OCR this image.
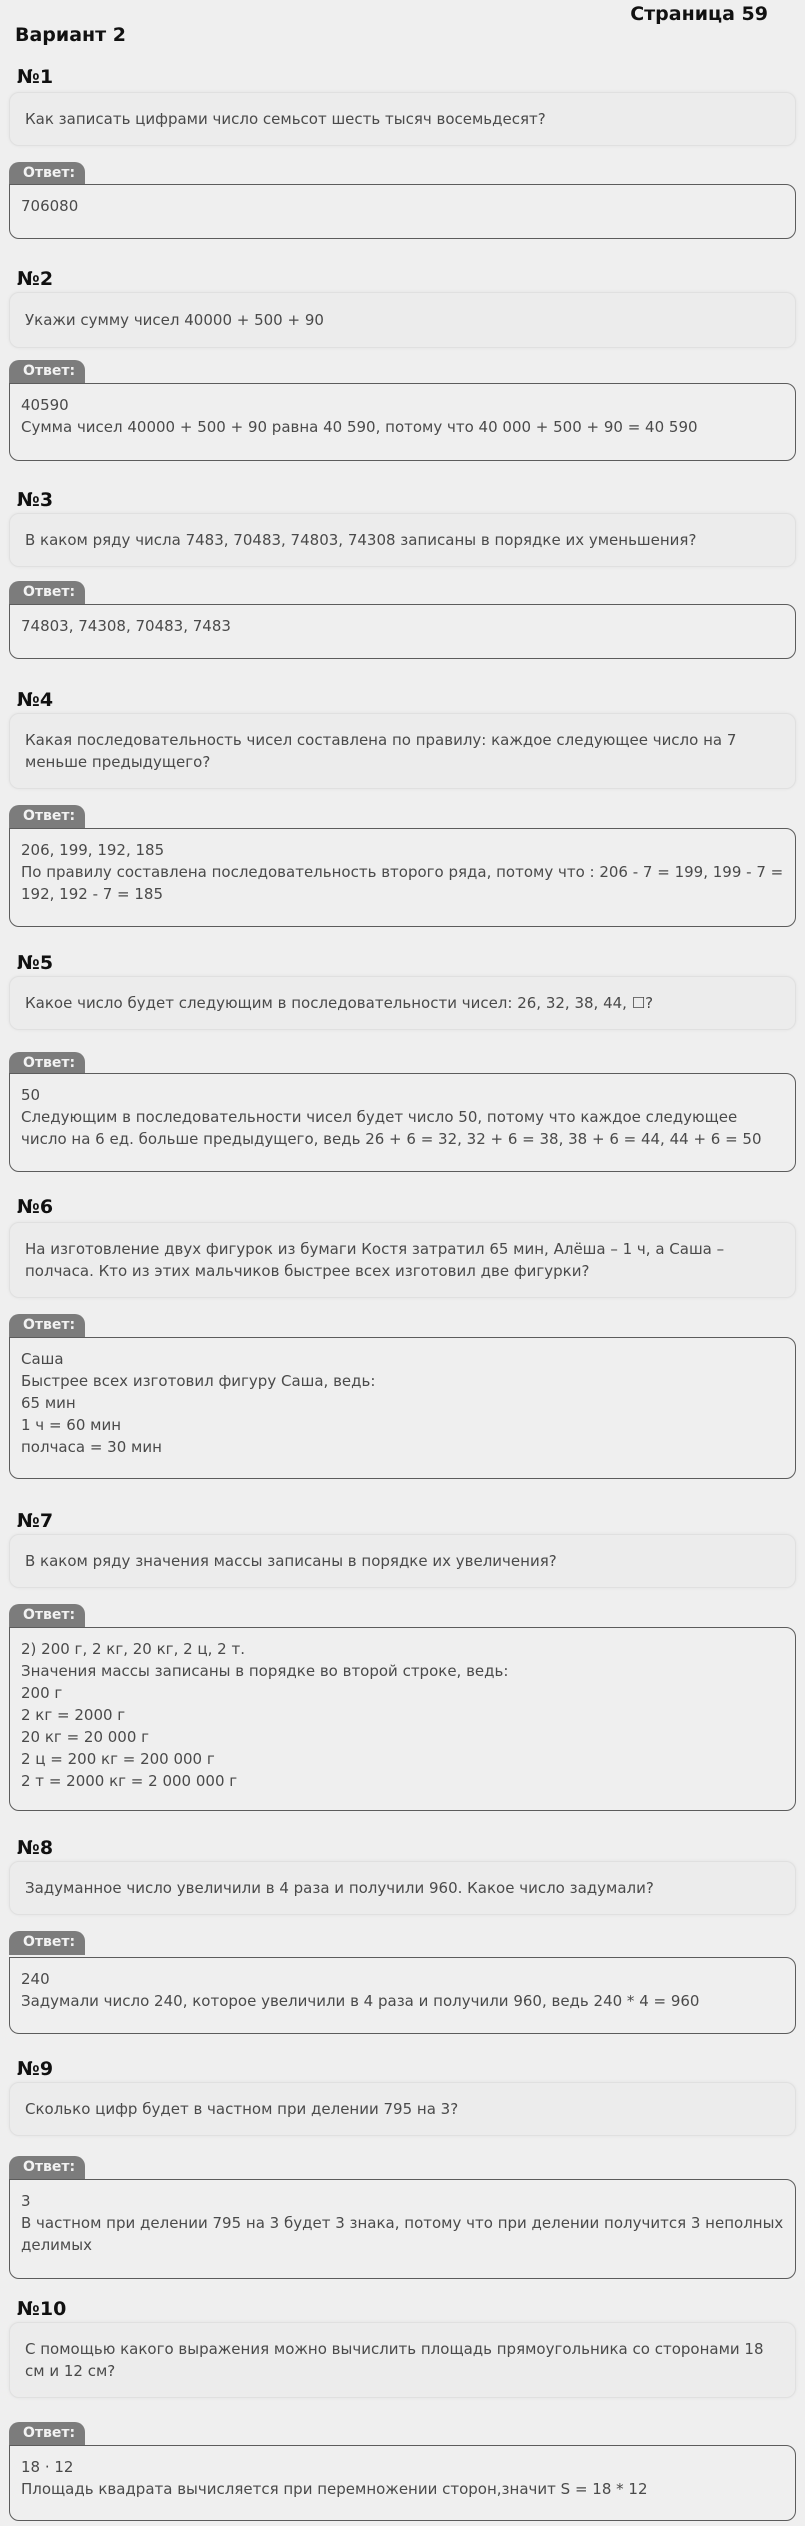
Страница 59
Вариант 2
№1
Как записать цифрами число семьсот шесть тысяч восемьдесят?
Ответ:
706080
№2
Укажи сумму чисел 40000 + 500 + 90
Ответ:
40590
Сумма чисел 40000 + 500 + 90 равна 40 590, потому что 40 000 + 500 + 90 = 40 590
№3
В каком ряду числа 7483, 70483, 74803, 74308 записаны в порядке их уменьшения?
Ответ:
74803, 74308, 70483, 7483
№4
Какая последовательность чисел составлена по правилу: каждое следующее число на 7 меньше предыдущего?
Ответ:
206, 199, 192, 185
По правилу составлена последовательность второго ряда, потому что : 206 - 7 = 199, 199 - 7 = 192, 192 - 7 = 185
№5
Какое число будет следующим в последовательности чисел: 26, 32, 38, 44, ☐?
Ответ:
50
Следующим в последовательности чисел будет число 50, потому что каждое следующее число на 6 ед. больше предыдущего, ведь 26 + 6 = 32, 32 + 6 = 38, 38 + 6 = 44, 44 + 6 = 50
№6
На изготовление двух фигурок из бумаги Костя затратил 65 мин, Алёша – 1 ч, а Саша – полчаса. Кто из этих мальчиков быстрее всех изготовил две фигурки?
Ответ:
Саша
Быстрее всех изготовил фигуру Саша, ведь:
65 мин
1 ч = 60 мин
полчаса = 30 мин
№7
В каком ряду значения массы записаны в порядке их увеличения?
Ответ:
2) 200 г, 2 кг, 20 кг, 2 ц, 2 т.
Значения массы записаны в порядке во второй строке, ведь:
200 г
2 кг = 2000 г
20 кг = 20 000 г
2 ц = 200 кг = 200 000 г
2 т = 2000 кг = 2 000 000 г
№8
Задуманное число увеличили в 4 раза и получили 960. Какое число задумали?
Ответ:
240
Задумали число 240, которое увеличили в 4 раза и получили 960, ведь 240 * 4 = 960
№9
Сколько цифр будет в частном при делении 795 на 3?
Ответ:
3
В частном при делении 795 на 3 будет 3 знака, потому что при делении получится 3 неполных делимых
№10
С помощью какого выражения можно вычислить площадь прямоугольника со сторонами 18 см и 12 см?
Ответ:
18 · 12
Площадь квадрата вычисляется при перемножении сторон,значит S = 18 * 12
